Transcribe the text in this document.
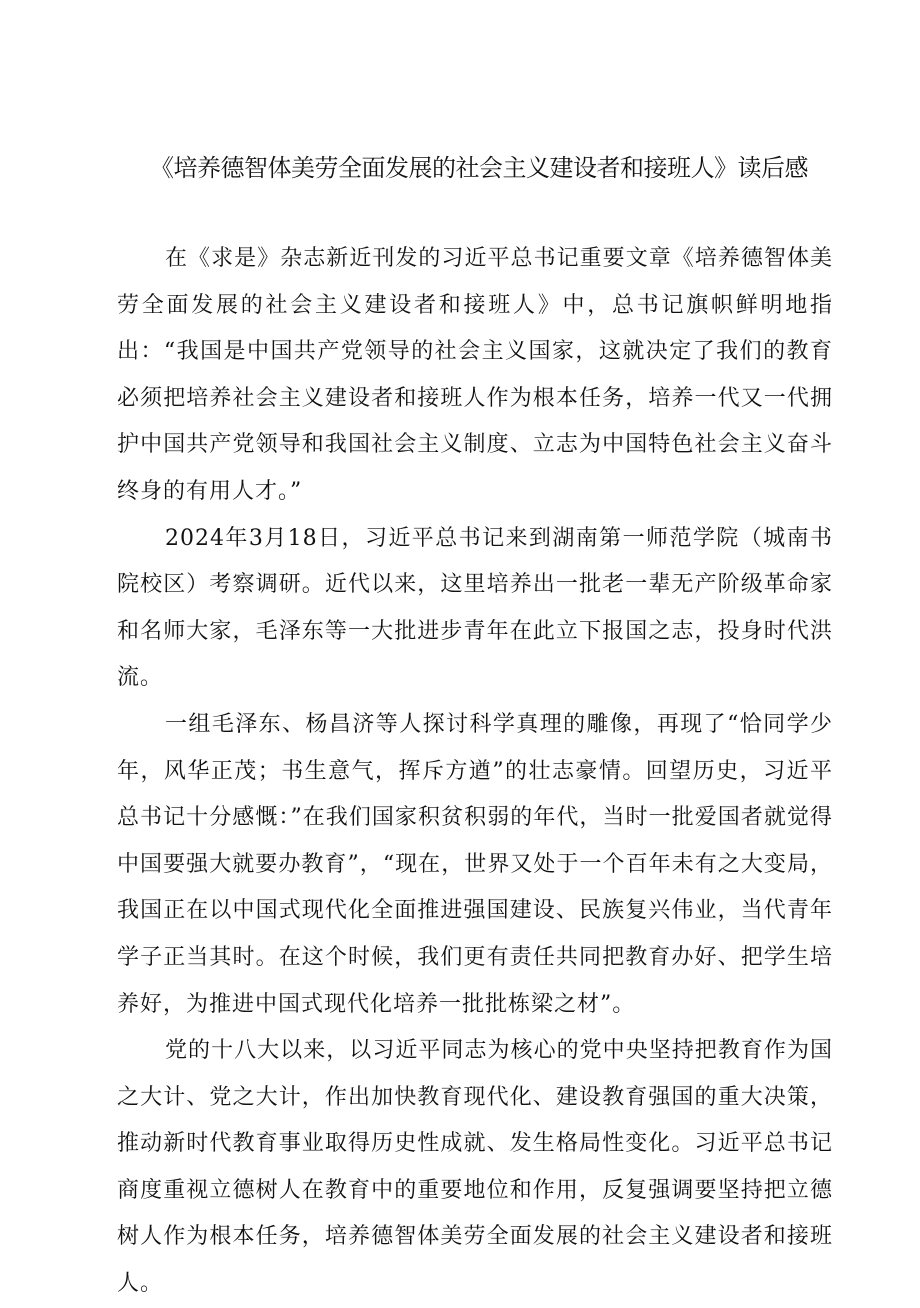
《培养德智体美劳全面发展的社会主义建设者和接班人》读后感

在《求是》杂志新近刊发的习近平总书记重要文章《培养德智体美劳全面发展的社会主义建设者和接班人》中，总书记旗帜鲜明地指出：“我国是中国共产党领导的社会主义国家，这就决定了我们的教育必须把培养社会主义建设者和接班人作为根本任务，培养一代又一代拥护中国共产党领导和我国社会主义制度、立志为中国特色社会主义奋斗终身的有用人才。”

2024年3月18日，习近平总书记来到湖南第一师范学院（城南书院校区）考察调研。近代以来，这里培养出一批老一辈无产阶级革命家和名师大家，毛泽东等一大批进步青年在此立下报国之志，投身时代洪流。

一组毛泽东、杨昌济等人探讨科学真理的雕像，再现了“恰同学少年，风华正茂；书生意气，挥斥方遒”的壮志豪情。回望历史，习近平总书记十分感慨：”在我们国家积贫积弱的年代，当时一批爱国者就觉得中国要强大就要办教育”，“现在，世界又处于一个百年未有之大变局，我国正在以中国式现代化全面推进强国建设、民族复兴伟业，当代青年学子正当其时。在这个时候，我们更有责任共同把教育办好、把学生培养好，为推进中国式现代化培养一批批栋梁之材”。

党的十八大以来，以习近平同志为核心的党中央坚持把教育作为国之大计、党之大计，作出加快教育现代化、建设教育强国的重大决策，推动新时代教育事业取得历史性成就、发生格局性变化。习近平总书记商度重视立德树人在教育中的重要地位和作用，反复强调要坚持把立德树人作为根本任务，培养德智体美劳全面发展的社会主义建设者和接班人。
